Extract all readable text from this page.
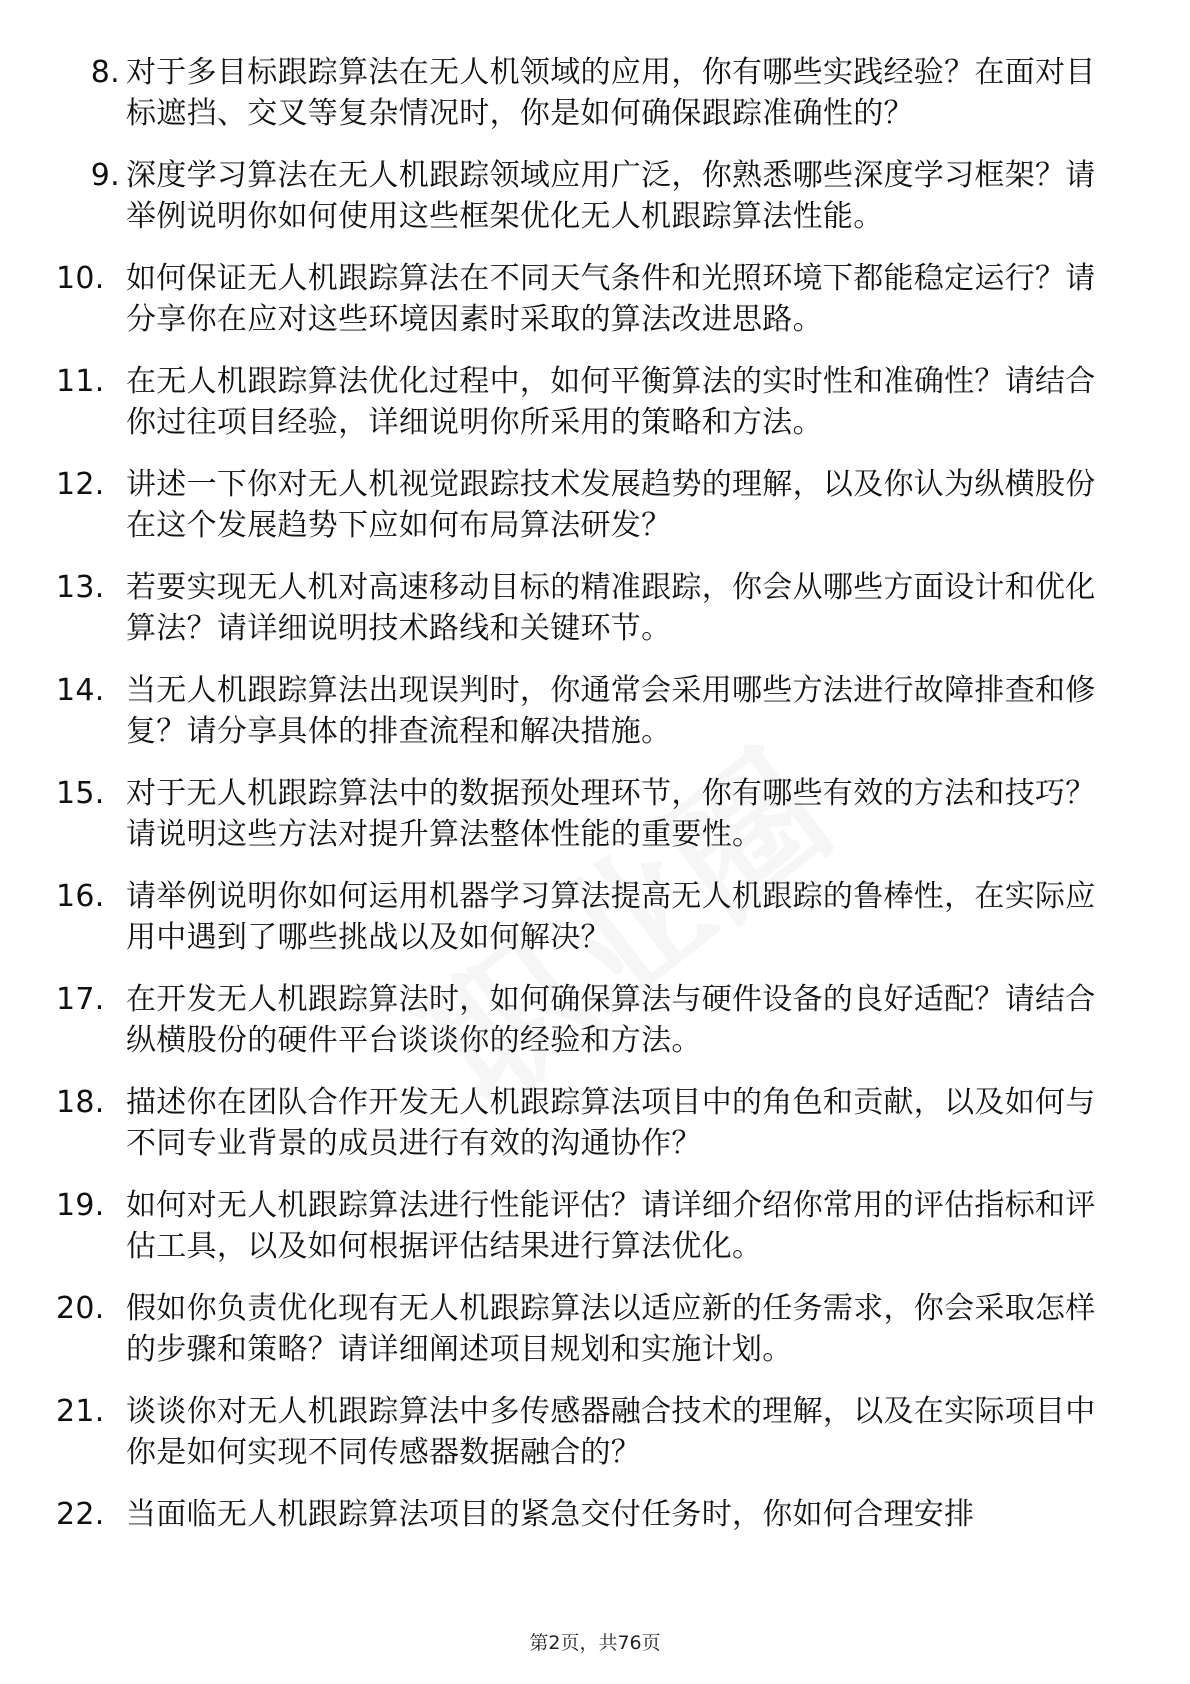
8. 对于多目标跟踪算法在无人机领域的应用，你有哪些实践经验？在面对目标遮挡、交叉等复杂情况时，你是如何确保跟踪准确性的？
9. 深度学习算法在无人机跟踪领域应用广泛，你熟悉哪些深度学习框架？请举例说明你如何使用这些框架优化无人机跟踪算法性能。
10. 如何保证无人机跟踪算法在不同天气条件和光照环境下都能稳定运行？请分享你在应对这些环境因素时采取的算法改进思路。
11. 在无人机跟踪算法优化过程中，如何平衡算法的实时性和准确性？请结合你过往项目经验，详细说明你所采用的策略和方法。
12. 讲述一下你对无人机视觉跟踪技术发展趋势的理解，以及你认为纵横股份在这个发展趋势下应如何布局算法研发？
13. 若要实现无人机对高速移动目标的精准跟踪，你会从哪些方面设计和优化算法？请详细说明技术路线和关键环节。
14. 当无人机跟踪算法出现误判时，你通常会采用哪些方法进行故障排查和修复？请分享具体的排查流程和解决措施。
15. 对于无人机跟踪算法中的数据预处理环节，你有哪些有效的方法和技巧？请说明这些方法对提升算法整体性能的重要性。
16. 请举例说明你如何运用机器学习算法提高无人机跟踪的鲁棒性，在实际应用中遇到了哪些挑战以及如何解决？
17. 在开发无人机跟踪算法时，如何确保算法与硬件设备的良好适配？请结合纵横股份的硬件平台谈谈你的经验和方法。
18. 描述你在团队合作开发无人机跟踪算法项目中的角色和贡献，以及如何与不同专业背景的成员进行有效的沟通协作？
19. 如何对无人机跟踪算法进行性能评估？请详细介绍你常用的评估指标和评估工具，以及如何根据评估结果进行算法优化。
20. 假如你负责优化现有无人机跟踪算法以适应新的任务需求，你会采取怎样的步骤和策略？请详细阐述项目规划和实施计划。
21. 谈谈你对无人机跟踪算法中多传感器融合技术的理解，以及在实际项目中你是如何实现不同传感器数据融合的？
22. 当面临无人机跟踪算法项目的紧急交付任务时，你如何合理安排
第2页，共76页
